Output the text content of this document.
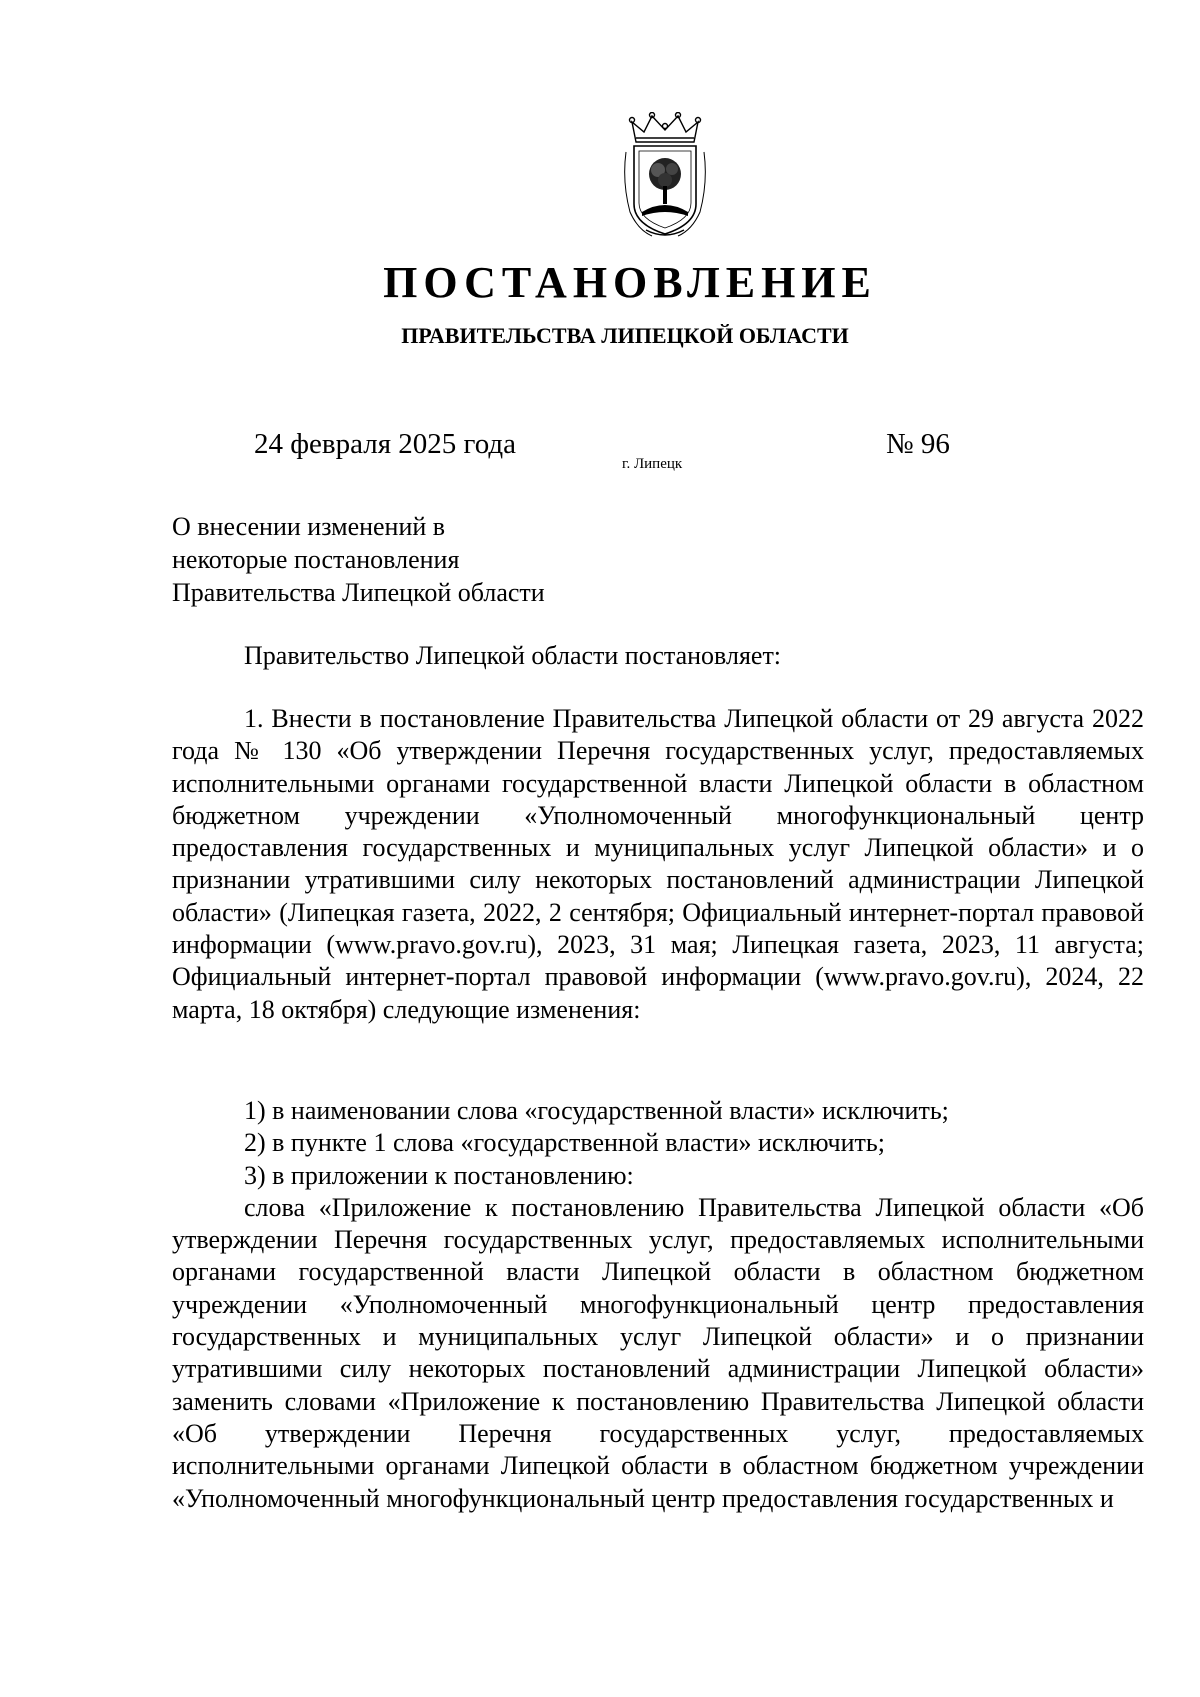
ПОСТАНОВЛЕНИЕ
ПРАВИТЕЛЬСТВА ЛИПЕЦКОЙ ОБЛАСТИ
24 февраля 2025 года
г. Липецк
№ 96
О внесении изменений в
некоторые постановления
Правительства Липецкой области

Правительство Липецкой области постановляет:

1. Внести в постановление Правительства Липецкой области от 29 августа 2022 года № 130 «Об утверждении Перечня государственных услуг, предоставляемых исполнительными органами государственной власти Липецкой области в областном бюджетном учреждении «Уполномоченный многофункциональный центр предоставления государственных и муниципальных услуг Липецкой области» и о признании утратившими силу некоторых постановлений администрации Липецкой области» (Липецкая газета, 2022, 2 сентября; Официальный интернет-портал правовой информации (www.pravo.gov.ru), 2023, 31 мая; Липецкая газета, 2023, 11 августа; Официальный интернет-портал правовой информации (www.pravo.gov.ru), 2024, 22 марта, 18 октября) следующие изменения:

1) в наименовании слова «государственной власти» исключить;

2) в пункте 1 слова «государственной власти» исключить;

3) в приложении к постановлению:

слова «Приложение к постановлению Правительства Липецкой области «Об утверждении Перечня государственных услуг, предоставляемых исполнительными органами государственной власти Липецкой области в областном бюджетном учреждении «Уполномоченный многофункциональный центр предоставления государственных и муниципальных услуг Липецкой области» и о признании утратившими силу некоторых постановлений администрации Липецкой области» заменить словами «Приложение к постановлению Правительства Липецкой области «Об утверждении Перечня государственных услуг, предоставляемых исполнительными органами Липецкой области в областном бюджетном учреждении «Уполномоченный многофункциональный центр предоставления государственных и
